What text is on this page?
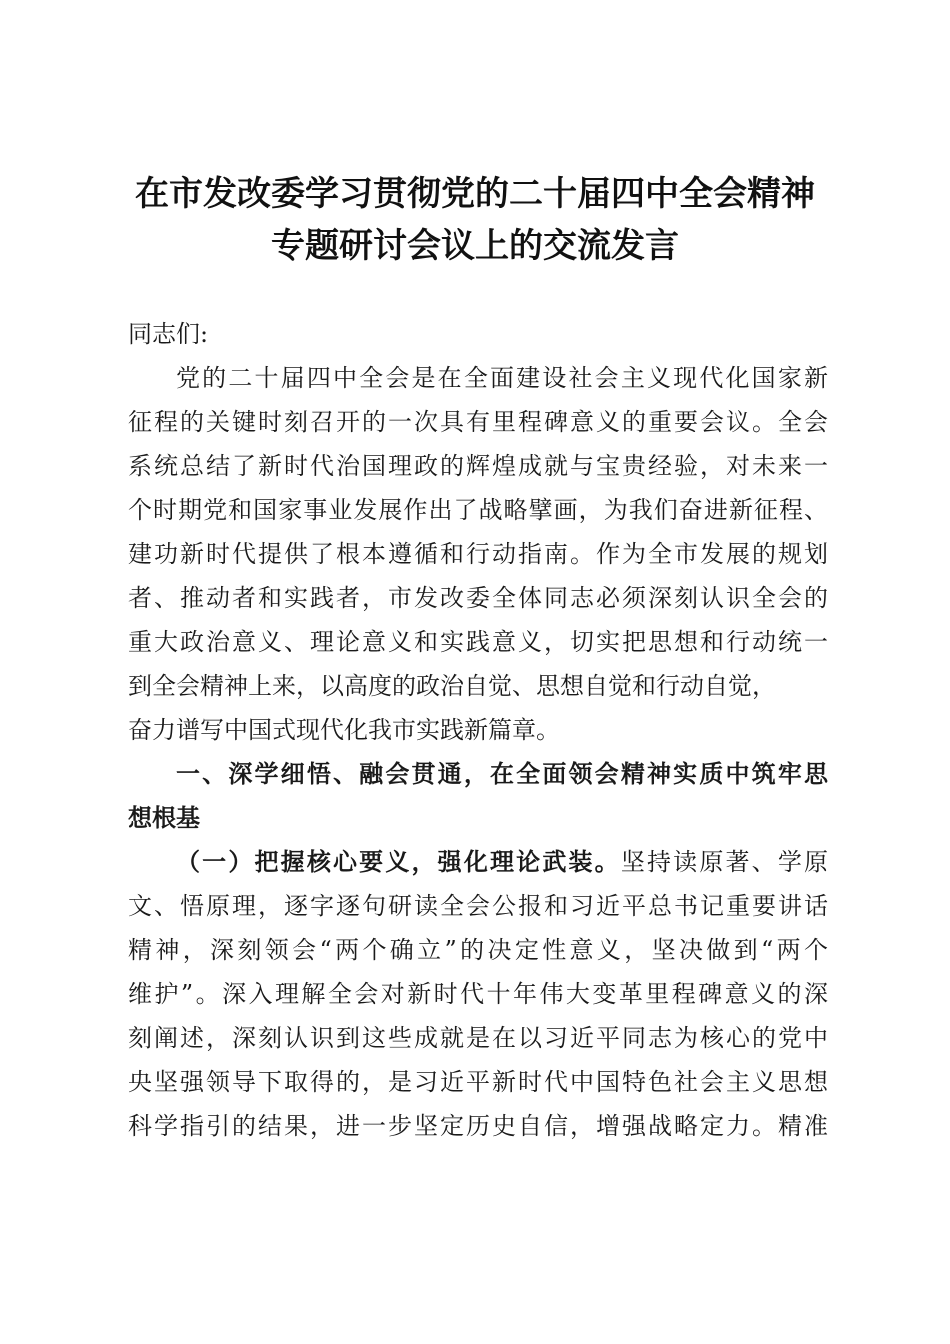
在市发改委学习贯彻党的二十届四中全会精神
专题研讨会议上的交流发言
同志们:
党的二十届四中全会是在全面建设社会主义现代化国家新
征程的关键时刻召开的一次具有里程碑意义的重要会议。全会
系统总结了新时代治国理政的辉煌成就与宝贵经验，对未来一
个时期党和国家事业发展作出了战略擘画，为我们奋进新征程、
建功新时代提供了根本遵循和行动指南。作为全市发展的规划
者、推动者和实践者，市发改委全体同志必须深刻认识全会的
重大政治意义、理论意义和实践意义，切实把思想和行动统一
到全会精神上来，以高度的政治自觉、思想自觉和行动自觉，
奋力谱写中国式现代化我市实践新篇章。
一、深学细悟、融会贯通，在全面领会精神实质中筑牢思
想根基
（一）把握核心要义，强化理论武装。坚持读原著、学原
文、悟原理，逐字逐句研读全会公报和习近平总书记重要讲话
精神，深刻领会“两个确立”的决定性意义，坚决做到“两个
维护”。深入理解全会对新时代十年伟大变革里程碑意义的深
刻阐述，深刻认识到这些成就是在以习近平同志为核心的党中
央坚强领导下取得的，是习近平新时代中国特色社会主义思想
科学指引的结果，进一步坚定历史自信，增强战略定力。精准
